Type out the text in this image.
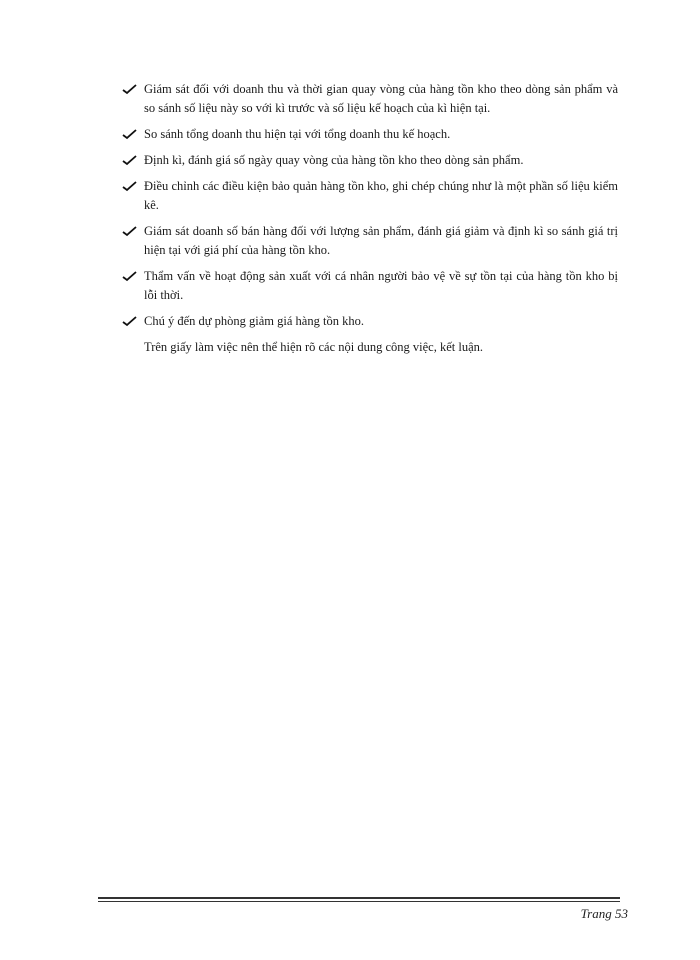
Giám sát đối với doanh thu và thời gian quay vòng của hàng tồn kho theo dòng sản phẩm và so sánh số liệu này so với kì trước và số liệu kế hoạch của kì hiện tại.
So sánh tổng doanh thu hiện tại với tổng doanh thu kế hoạch.
Định kì, đánh giá số ngày quay vòng của hàng tồn kho theo dòng sản phẩm.
Điều chỉnh các điều kiện bảo quản hàng tồn kho, ghi chép chúng như là một phần số liệu kiểm kê.
Giám sát doanh số bán hàng đối với lượng sản phẩm, đánh giá giảm và định kì so sánh giá trị hiện tại với giá phí của hàng tồn kho.
Thẩm vấn về hoạt động sản xuất với cá nhân người bảo vệ về sự tồn tại của hàng tồn kho bị lỗi thời.
Chú ý đến dự phòng giảm giá hàng tồn kho.
Trên giấy làm việc nên thể hiện rõ các nội dung công việc, kết luận.
Trang 53
